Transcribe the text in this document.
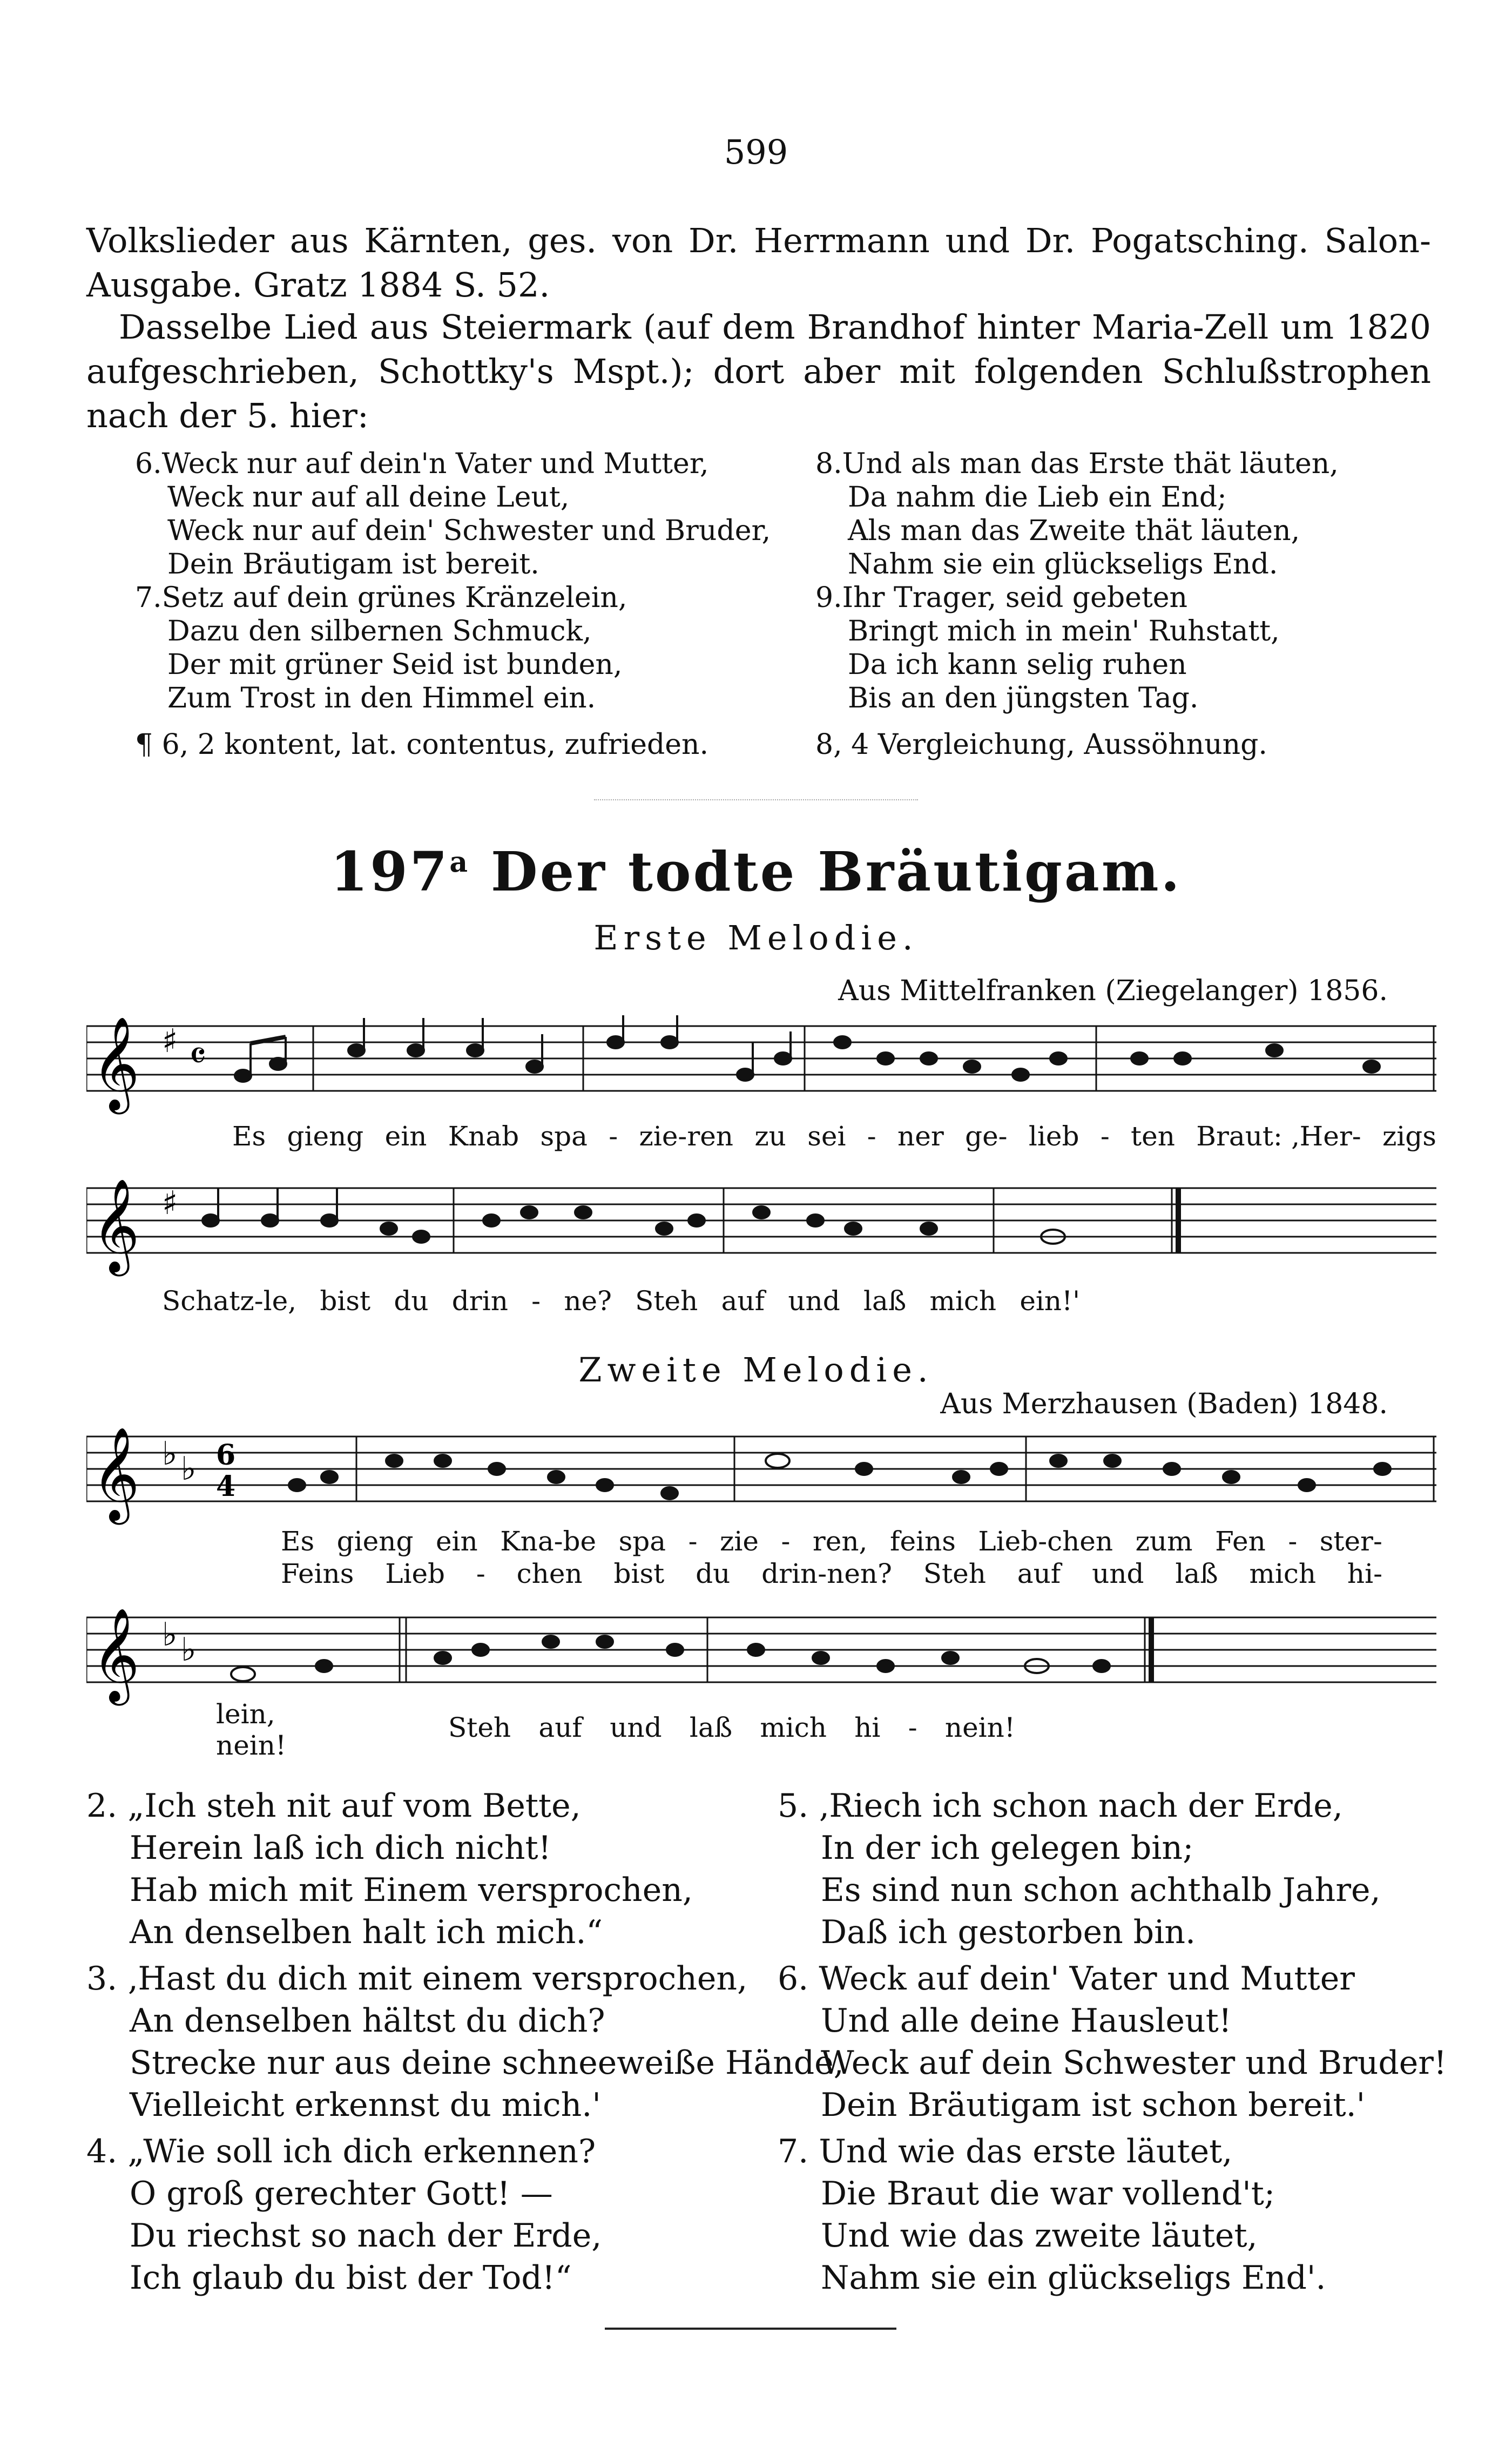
599
Volkslieder aus Kärnten, ges. von Dr. Herrmann und Dr. Pogatsching. Salon-Ausgabe. Gratz 1884 S. 52.
Dasselbe Lied aus Steiermark (auf dem Brandhof hinter Maria-Zell um 1820 aufgeschrieben, Schottky's Mspt.); dort aber mit folgenden Schlußstrophen nach der 5. hier:
6.Weck nur auf dein'n Vater und Mutter,
Weck nur auf all deine Leut,
Weck nur auf dein' Schwester und Bruder,
Dein Bräutigam ist bereit.
7.Setz auf dein grünes Kränzelein,
Dazu den silbernen Schmuck,
Der mit grüner Seid ist bunden,
Zum Trost in den Himmel ein.
¶ 6, 2 kontent, lat. contentus, zufrieden.
8.Und als man das Erste thät läuten,
Da nahm die Lieb ein End;
Als man das Zweite thät läuten,
Nahm sie ein glückseligs End.
9.Ihr Trager, seid gebeten
Bringt mich in mein' Ruhstatt,
Da ich kann selig ruhen
Bis an den jüngsten Tag.
8, 4 Vergleichung, Aussöhnung.
197$^a$ Der todte Bräutigam.
Erste Melodie.
Aus Mittelfranken (Ziegelanger) 1856.
𝄞 ♯ 𝄴
Es gieng ein Knab spa - zie-ren zu sei - ner ge- lieb - ten Braut: ‚Her- zigs
𝄞 ♯
Schatz-le, bist du drin - ne? Steh auf und laß mich ein!'
Zweite Melodie.
Aus Merzhausen (Baden) 1848.
𝄞 ♭ ♭ 6
4
Es gieng ein Kna-be spa - zie - ren, feins Lieb-chen zum Fen - ster-
Feins Lieb - chen bist du drin-nen? Steh auf und laß mich hi-
𝄞 ♭ ♭
lein,
nein!
Steh auf und laß mich hi - nein!
2. „Ich steh nit auf vom Bette,
Herein laß ich dich nicht!
Hab mich mit Einem versprochen,
An denselben halt ich mich.“
3. ‚Hast du dich mit einem versprochen,
An denselben hältst du dich?
Strecke nur aus deine schneeweiße Hände,
Vielleicht erkennst du mich.'
4. „Wie soll ich dich erkennen?
O groß gerechter Gott! —
Du riechst so nach der Erde,
Ich glaub du bist der Tod!“
5. ‚Riech ich schon nach der Erde,
In der ich gelegen bin;
Es sind nun schon achthalb Jahre,
Daß ich gestorben bin.
6. Weck auf dein' Vater und Mutter
Und alle deine Hausleut!
Weck auf dein Schwester und Bruder!
Dein Bräutigam ist schon bereit.'
7. Und wie das erste läutet,
Die Braut die war vollend't;
Und wie das zweite läutet,
Nahm sie ein glückseligs End'.
